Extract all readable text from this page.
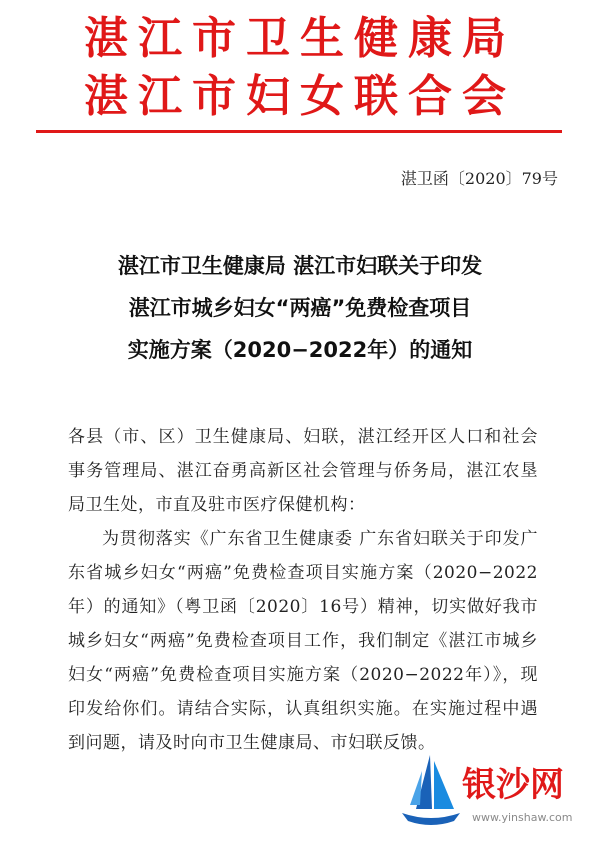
湛江市卫生健康局
湛江市妇女联合会
湛卫函〔2020〕79号
湛江市卫生健康局 湛江市妇联关于印发
湛江市城乡妇女“两癌”免费检查项目
实施方案（2020−2022年）的通知

各县（市、区）卫生健康局、妇联，湛江经开区人口和社会事务管理局、湛江奋勇高新区社会管理与侨务局，湛江农垦局卫生处，市直及驻市医疗保健机构：

为贯彻落实《广东省卫生健康委 广东省妇联关于印发广东省城乡妇女“两癌”免费检查项目实施方案（2020−2022年）的通知》（粤卫函〔2020〕16号）精神，切实做好我市城乡妇女“两癌”免费检查项目工作，我们制定《湛江市城乡妇女“两癌”免费检查项目实施方案（2020−2022年）》，现印发给你们。请结合实际，认真组织实施。在实施过程中遇到问题，请及时向市卫生健康局、市妇联反馈。

银沙网
www.yinshaw.com
